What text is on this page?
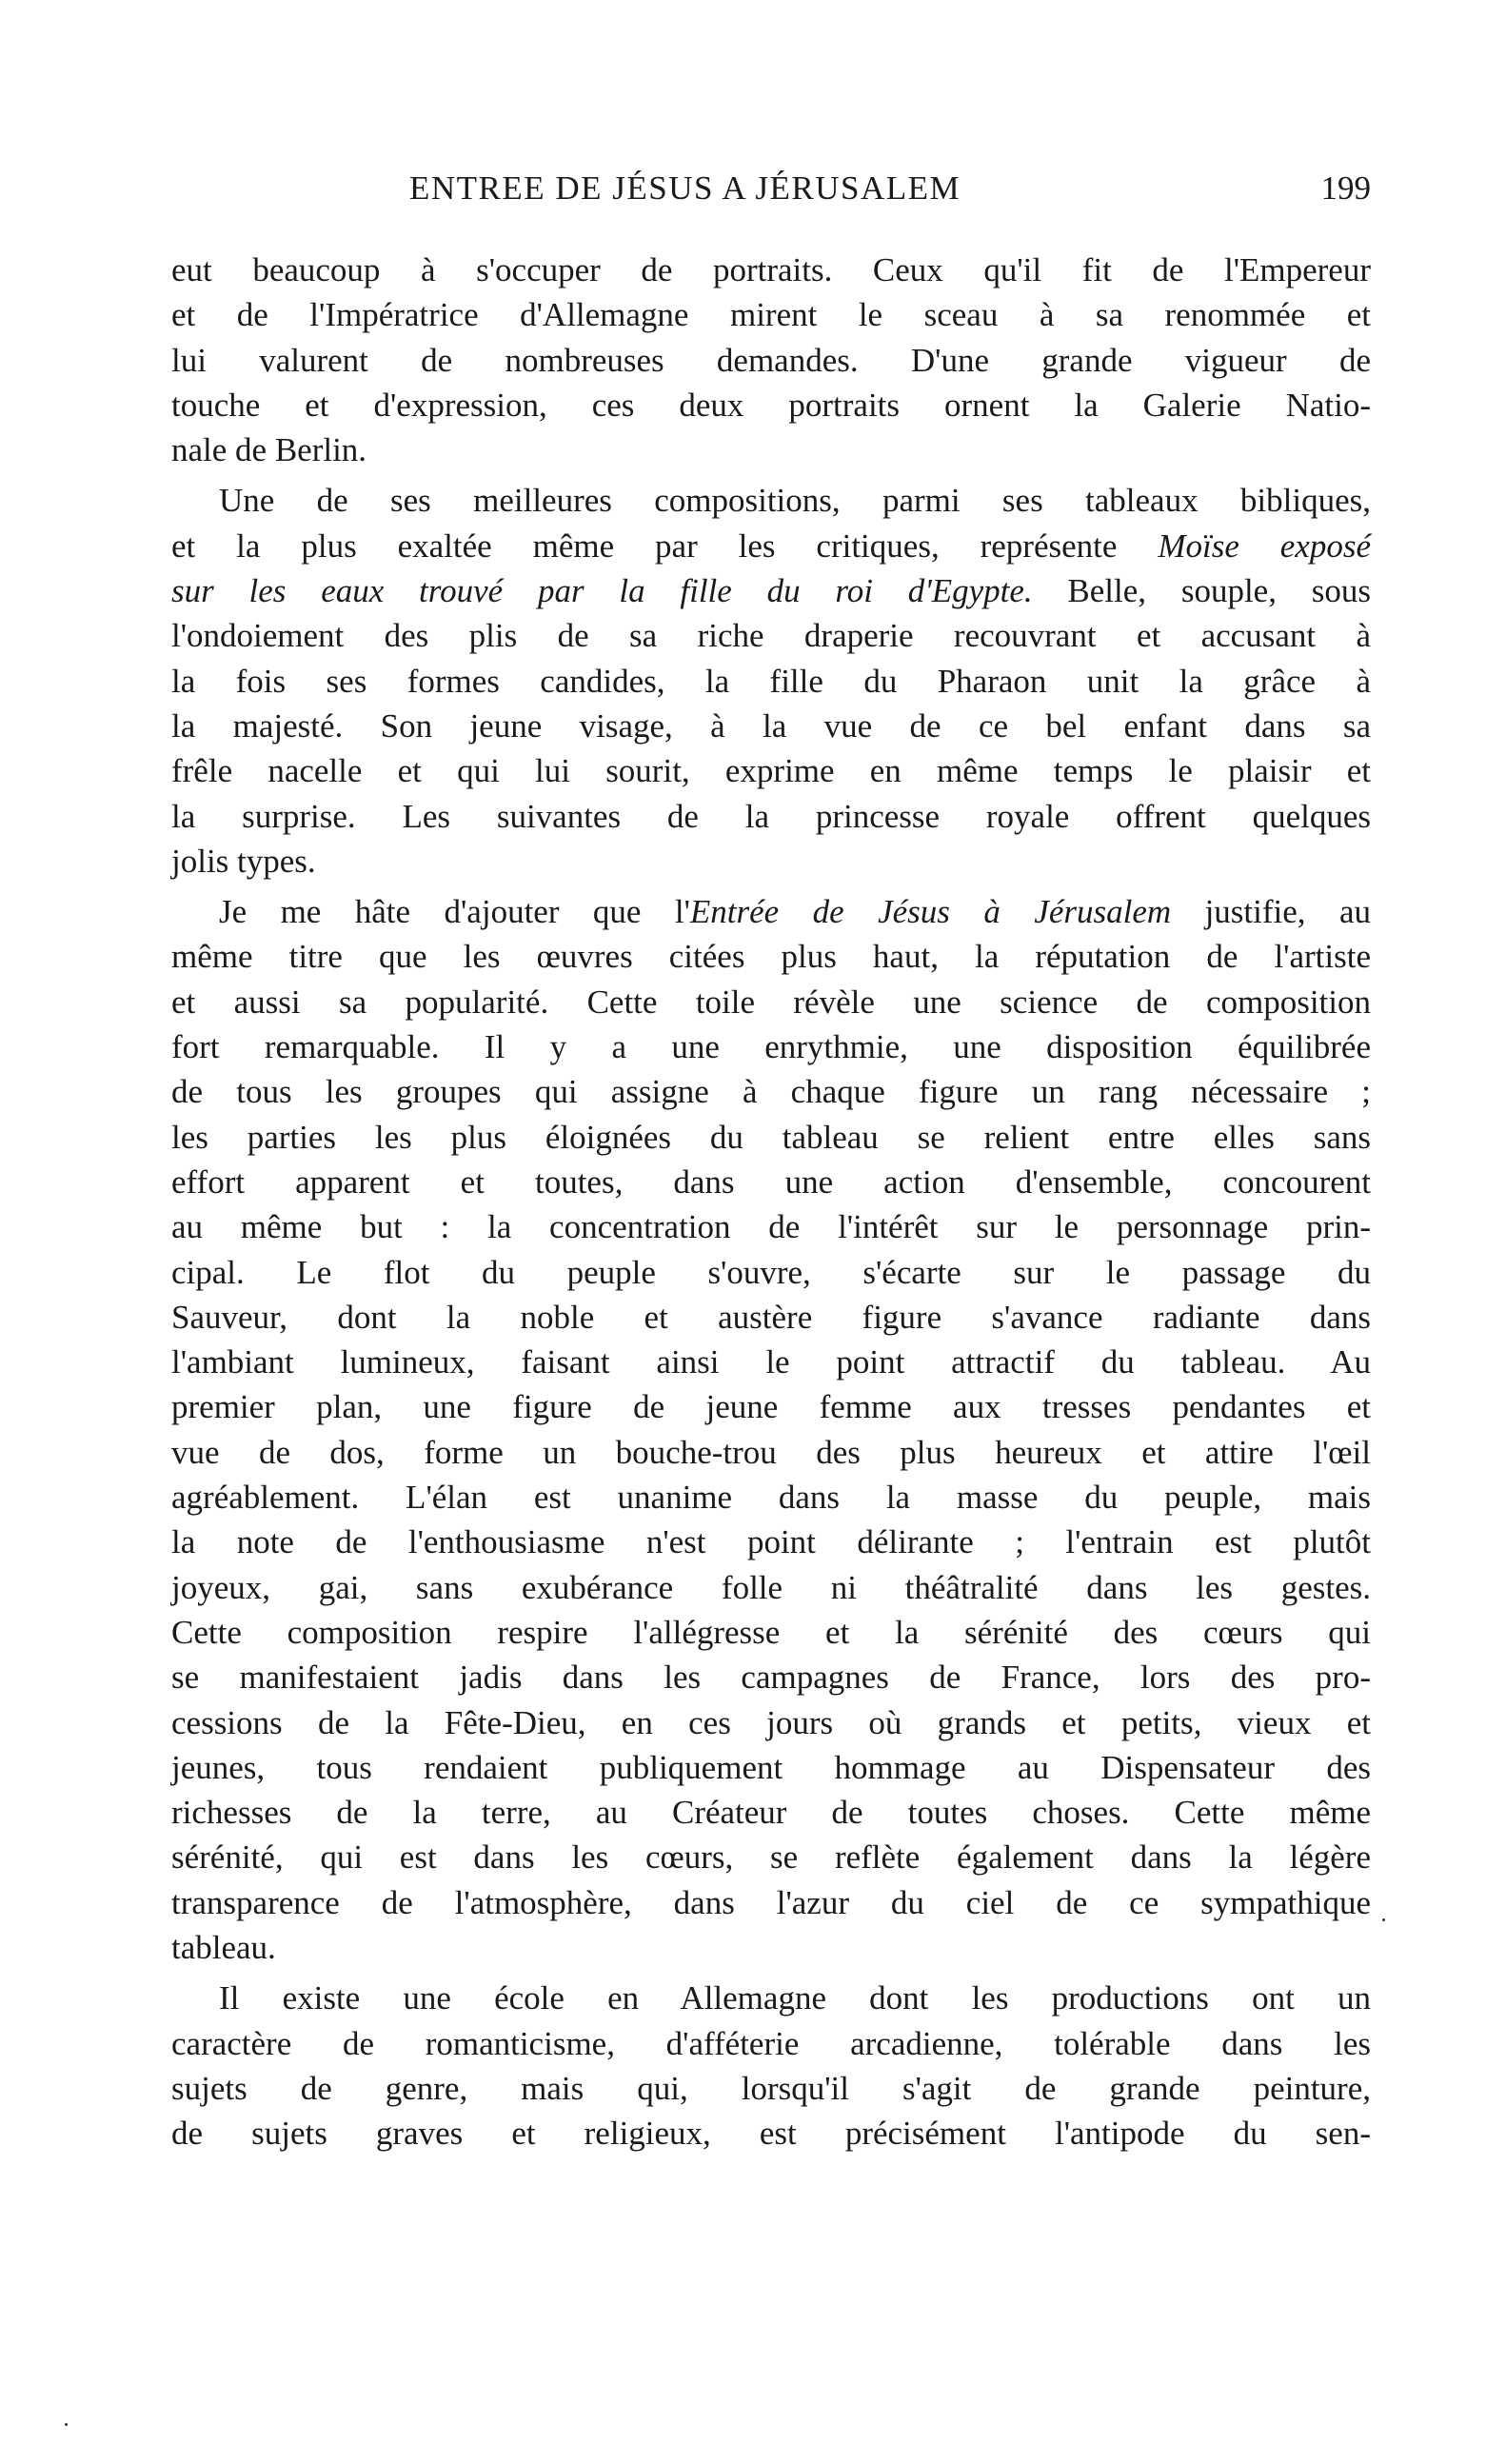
ENTREE DE JÉSUS A JÉRUSALEM	199
eut beaucoup à s'occuper de portraits. Ceux qu'il fit de l'Empereur
et de l'Impératrice d'Allemagne mirent le sceau à sa renommée et
lui valurent de nombreuses demandes. D'une grande vigueur de
touche et d'expression, ces deux portraits ornent la Galerie Natio-
nale de Berlin.
Une de ses meilleures compositions, parmi ses tableaux bibliques,
et la plus exaltée même par les critiques, représente Moïse exposé
sur les eaux trouvé par la fille du roi d'Egypte. Belle, souple, sous
l'ondoiement des plis de sa riche draperie recouvrant et accusant à
la fois ses formes candides, la fille du Pharaon unit la grâce à
la majesté. Son jeune visage, à la vue de ce bel enfant dans sa
frêle nacelle et qui lui sourit, exprime en même temps le plaisir et
la surprise. Les suivantes de la princesse royale offrent quelques
jolis types.
Je me hâte d'ajouter que l'Entrée de Jésus à Jérusalem justifie, au
même titre que les œuvres citées plus haut, la réputation de l'artiste
et aussi sa popularité. Cette toile révèle une science de composition
fort remarquable. Il y a une enrythmie, une disposition équilibrée
de tous les groupes qui assigne à chaque figure un rang nécessaire ;
les parties les plus éloignées du tableau se relient entre elles sans
effort apparent et toutes, dans une action d'ensemble, concourent
au même but : la concentration de l'intérêt sur le personnage prin-
cipal. Le flot du peuple s'ouvre, s'écarte sur le passage du
Sauveur, dont la noble et austère figure s'avance radiante dans
l'ambiant lumineux, faisant ainsi le point attractif du tableau. Au
premier plan, une figure de jeune femme aux tresses pendantes et
vue de dos, forme un bouche-trou des plus heureux et attire l'œil
agréablement. L'élan est unanime dans la masse du peuple, mais
la note de l'enthousiasme n'est point délirante ; l'entrain est plutôt
joyeux, gai, sans exubérance folle ni théâtralité dans les gestes.
Cette composition respire l'allégresse et la sérénité des cœurs qui
se manifestaient jadis dans les campagnes de France, lors des pro-
cessions de la Fête-Dieu, en ces jours où grands et petits, vieux et
jeunes, tous rendaient publiquement hommage au Dispensateur des
richesses de la terre, au Créateur de toutes choses. Cette même
sérénité, qui est dans les cœurs, se reflète également dans la légère
transparence de l'atmosphère, dans l'azur du ciel de ce sympathique
tableau.
Il existe une école en Allemagne dont les productions ont un
caractère de romanticisme, d'afféterie arcadienne, tolérable dans les
sujets de genre, mais qui, lorsqu'il s'agit de grande peinture,
de sujets graves et religieux, est précisément l'antipode du sen-
